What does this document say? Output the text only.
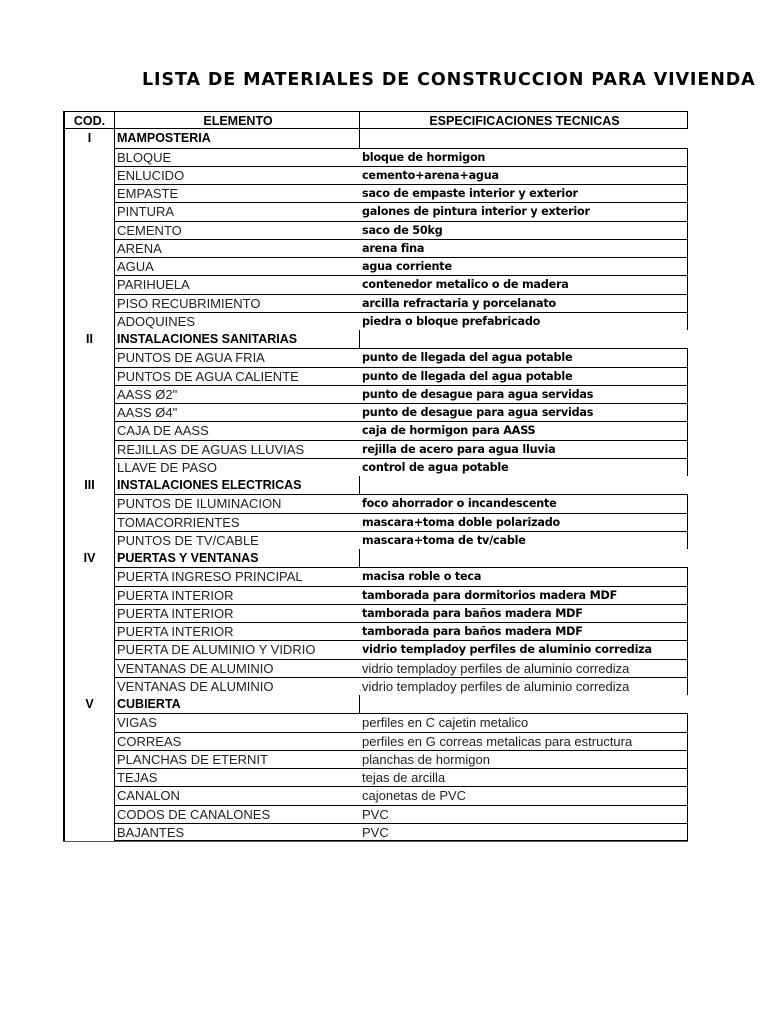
LISTA DE MATERIALES DE CONSTRUCCION PARA VIVIENDA
COD.	ELEMENTO	ESPECIFICACIONES TECNICAS
I	MAMPOSTERIA
BLOQUE	bloque de hormigon
ENLUCIDO	cemento+arena+agua
EMPASTE	saco de empaste interior y exterior
PINTURA	galones de pintura interior y exterior
CEMENTO	saco de 50kg
ARENA	arena fina
AGUA	agua corriente
PARIHUELA	contenedor metalico o de madera
PISO RECUBRIMIENTO	arcilla refractaria y porcelanato
ADOQUINES	piedra o bloque prefabricado
II	INSTALACIONES SANITARIAS
PUNTOS DE AGUA FRIA	punto de llegada del agua potable
PUNTOS DE AGUA CALIENTE	punto de llegada del agua potable
AASS Ø2"	punto de desague para agua servidas
AASS Ø4"	punto de desague para agua servidas
CAJA DE AASS	caja de hormigon para AASS
REJILLAS DE AGUAS LLUVIAS	rejilla de acero para agua lluvia
LLAVE DE PASO	control de agua potable
III	INSTALACIONES ELECTRICAS
PUNTOS DE ILUMINACION	foco ahorrador o incandescente
TOMACORRIENTES	mascara+toma doble polarizado
PUNTOS DE TV/CABLE	mascara+toma de tv/cable
IV	PUERTAS Y VENTANAS
PUERTA INGRESO PRINCIPAL	macisa roble o teca
PUERTA INTERIOR	tamborada para dormitorios madera MDF
PUERTA INTERIOR	tamborada para baños madera MDF
PUERTA INTERIOR	tamborada para baños madera MDF
PUERTA DE ALUMINIO Y VIDRIO	vidrio templadoy perfiles de aluminio corrediza
VENTANAS DE ALUMINIO	vidrio templadoy perfiles de aluminio corrediza
VENTANAS DE ALUMINIO	vidrio templadoy perfiles de aluminio corrediza
V	CUBIERTA
VIGAS	perfiles en C cajetin metalico
CORREAS	perfiles en G correas metalicas para estructura
PLANCHAS DE ETERNIT	planchas de hormigon
TEJAS	tejas de arcilla
CANALON	cajonetas de PVC
CODOS DE CANALONES	PVC
BAJANTES	PVC
